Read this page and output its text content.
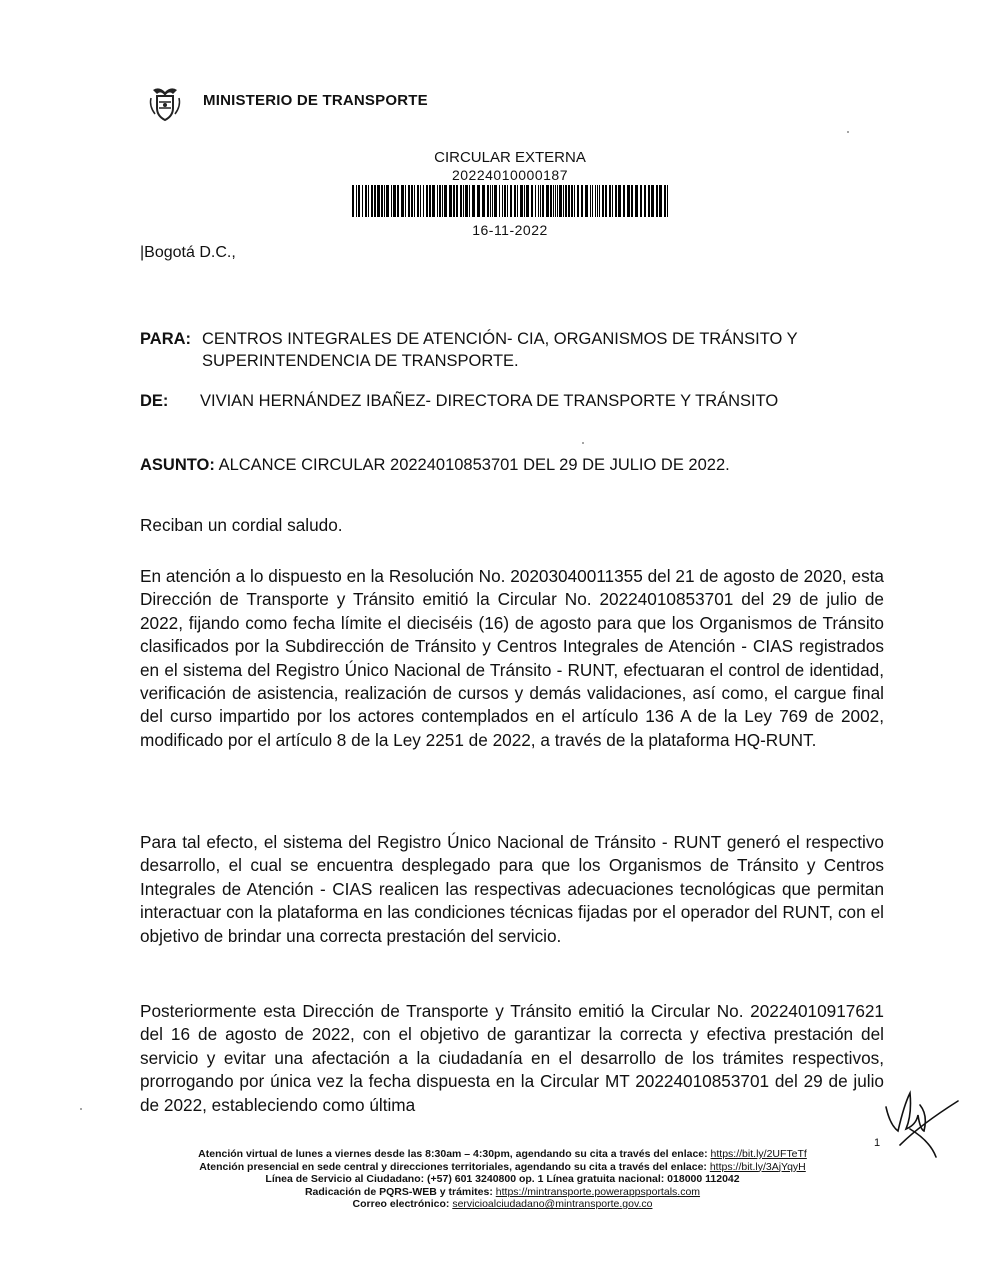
MINISTERIO DE TRANSPORTE
CIRCULAR EXTERNA
20224010000187
16-11-2022
|Bogotá D.C.,
PARA: CENTROS INTEGRALES DE ATENCIÓN- CIA, ORGANISMOS DE TRÁNSITO Y
SUPERINTENDENCIA DE TRANSPORTE.
DE: VIVIAN HERNÁNDEZ IBAÑEZ- DIRECTORA DE TRANSPORTE Y TRÁNSITO
ASUNTO: ALCANCE CIRCULAR 20224010853701 DEL 29 DE JULIO DE 2022.

Reciban un cordial saludo.

En atención a lo dispuesto en la Resolución No. 20203040011355 del 21 de agosto de 2020, esta Dirección de Transporte y Tránsito emitió la Circular No. 20224010853701 del 29 de julio de 2022, fijando como fecha límite el dieciséis (16) de agosto para que los Organismos de Tránsito clasificados por la Subdirección de Tránsito y Centros Integrales de Atención - CIAS registrados en el sistema del Registro Único Nacional de Tránsito - RUNT, efectuaran el control de identidad, verificación de asistencia, realización de cursos y demás validaciones, así como, el cargue final del curso impartido por los actores contemplados en el artículo 136 A de la Ley 769 de 2002, modificado por el artículo 8 de la Ley 2251 de 2022, a través de la plataforma HQ-RUNT.

Para tal efecto, el sistema del Registro Único Nacional de Tránsito - RUNT generó el respectivo desarrollo, el cual se encuentra desplegado para que los Organismos de Tránsito y Centros Integrales de Atención - CIAS realicen las respectivas adecuaciones tecnológicas que permitan interactuar con la plataforma en las condiciones técnicas fijadas por el operador del RUNT, con el objetivo de brindar una correcta prestación del servicio.

Posteriormente esta Dirección de Transporte y Tránsito emitió la Circular No. 20224010917621 del 16 de agosto de 2022, con el objetivo de garantizar la correcta y efectiva prestación del servicio y evitar una afectación a la ciudadanía en el desarrollo de los trámites respectivos, prorrogando por única vez la fecha dispuesta en la Circular MT 20224010853701 del 29 de julio de 2022, estableciendo como última

1
Atención virtual de lunes a viernes desde las 8:30am – 4:30pm, agendando su cita a través del enlace: https://bit.ly/2UFTeTf
Atención presencial en sede central y direcciones territoriales, agendando su cita a través del enlace: https://bit.ly/3AjYqyH
Línea de Servicio al Ciudadano: (+57) 601 3240800 op. 1 Línea gratuita nacional: 018000 112042
Radicación de PQRS-WEB y trámites: https://mintransporte.powerappsportals.com
Correo electrónico: servicioalciudadano@mintransporte.gov.co
